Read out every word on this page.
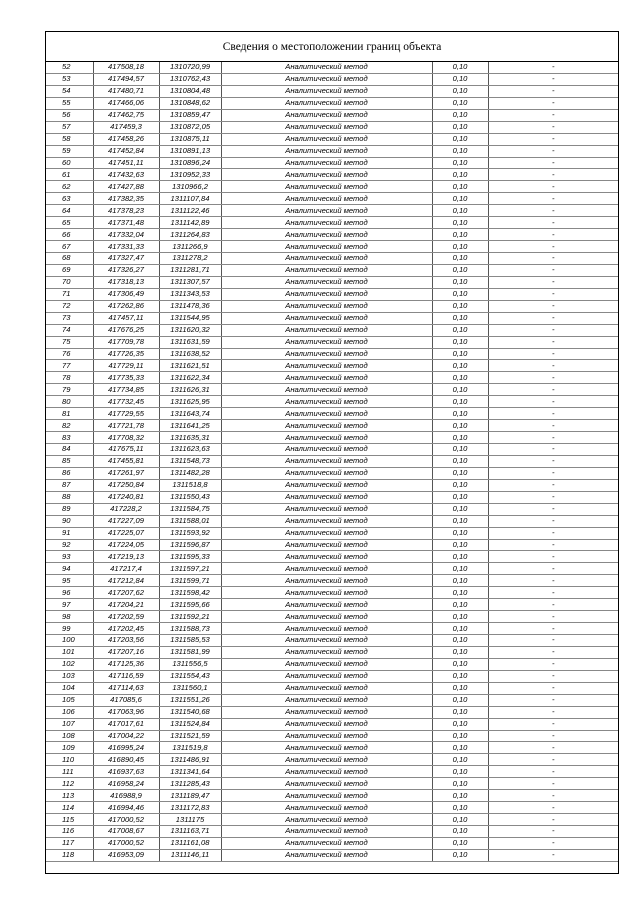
Сведения о местоположении границ объекта
52	417508,18	1310720,99	Аналитический метод	0,10	-
53	417494,57	1310762,43	Аналитический метод	0,10	-
54	417480,71	1310804,48	Аналитический метод	0,10	-
55	417466,06	1310848,62	Аналитический метод	0,10	-
56	417462,75	1310859,47	Аналитический метод	0,10	-
57	417459,3	1310872,05	Аналитический метод	0,10	-
58	417458,26	1310875,11	Аналитический метод	0,10	-
59	417452,84	1310891,13	Аналитический метод	0,10	-
60	417451,11	1310896,24	Аналитический метод	0,10	-
61	417432,63	1310952,33	Аналитический метод	0,10	-
62	417427,88	1310966,2	Аналитический метод	0,10	-
63	417382,35	1311107,84	Аналитический метод	0,10	-
64	417378,23	1311122,46	Аналитический метод	0,10	-
65	417371,48	1311142,89	Аналитический метод	0,10	-
66	417332,04	1311264,83	Аналитический метод	0,10	-
67	417331,33	1311266,9	Аналитический метод	0,10	-
68	417327,47	1311278,2	Аналитический метод	0,10	-
69	417326,27	1311281,71	Аналитический метод	0,10	-
70	417318,13	1311307,57	Аналитический метод	0,10	-
71	417306,49	1311343,53	Аналитический метод	0,10	-
72	417262,86	1311478,36	Аналитический метод	0,10	-
73	417457,11	1311544,95	Аналитический метод	0,10	-
74	417676,25	1311620,32	Аналитический метод	0,10	-
75	417709,78	1311631,59	Аналитический метод	0,10	-
76	417726,35	1311638,52	Аналитический метод	0,10	-
77	417729,11	1311621,51	Аналитический метод	0,10	-
78	417735,33	1311622,34	Аналитический метод	0,10	-
79	417734,85	1311626,31	Аналитический метод	0,10	-
80	417732,45	1311625,95	Аналитический метод	0,10	-
81	417729,55	1311643,74	Аналитический метод	0,10	-
82	417721,78	1311641,25	Аналитический метод	0,10	-
83	417708,32	1311635,31	Аналитический метод	0,10	-
84	417675,11	1311623,63	Аналитический метод	0,10	-
85	417455,81	1311548,73	Аналитический метод	0,10	-
86	417261,97	1311482,28	Аналитический метод	0,10	-
87	417250,84	1311518,8	Аналитический метод	0,10	-
88	417240,81	1311550,43	Аналитический метод	0,10	-
89	417228,2	1311584,75	Аналитический метод	0,10	-
90	417227,09	1311588,01	Аналитический метод	0,10	-
91	417225,07	1311593,92	Аналитический метод	0,10	-
92	417224,05	1311596,87	Аналитический метод	0,10	-
93	417219,13	1311595,33	Аналитический метод	0,10	-
94	417217,4	1311597,21	Аналитический метод	0,10	-
95	417212,84	1311599,71	Аналитический метод	0,10	-
96	417207,62	1311598,42	Аналитический метод	0,10	-
97	417204,21	1311595,66	Аналитический метод	0,10	-
98	417202,59	1311592,21	Аналитический метод	0,10	-
99	417202,45	1311588,73	Аналитический метод	0,10	-
100	417203,56	1311585,53	Аналитический метод	0,10	-
101	417207,16	1311581,99	Аналитический метод	0,10	-
102	417125,36	1311556,5	Аналитический метод	0,10	-
103	417116,59	1311554,43	Аналитический метод	0,10	-
104	417114,63	1311560,1	Аналитический метод	0,10	-
105	417085,6	1311551,26	Аналитический метод	0,10	-
106	417063,96	1311540,68	Аналитический метод	0,10	-
107	417017,61	1311524,84	Аналитический метод	0,10	-
108	417004,22	1311521,59	Аналитический метод	0,10	-
109	416995,24	1311519,8	Аналитический метод	0,10	-
110	416890,45	1311486,91	Аналитический метод	0,10	-
111	416937,63	1311341,64	Аналитический метод	0,10	-
112	416958,24	1311285,43	Аналитический метод	0,10	-
113	416988,9	1311189,47	Аналитический метод	0,10	-
114	416994,46	1311172,83	Аналитический метод	0,10	-
115	417000,52	1311175	Аналитический метод	0,10	-
116	417008,67	1311163,71	Аналитический метод	0,10	-
117	417000,52	1311161,08	Аналитический метод	0,10	-
118	416953,09	1311146,11	Аналитический метод	0,10	-
